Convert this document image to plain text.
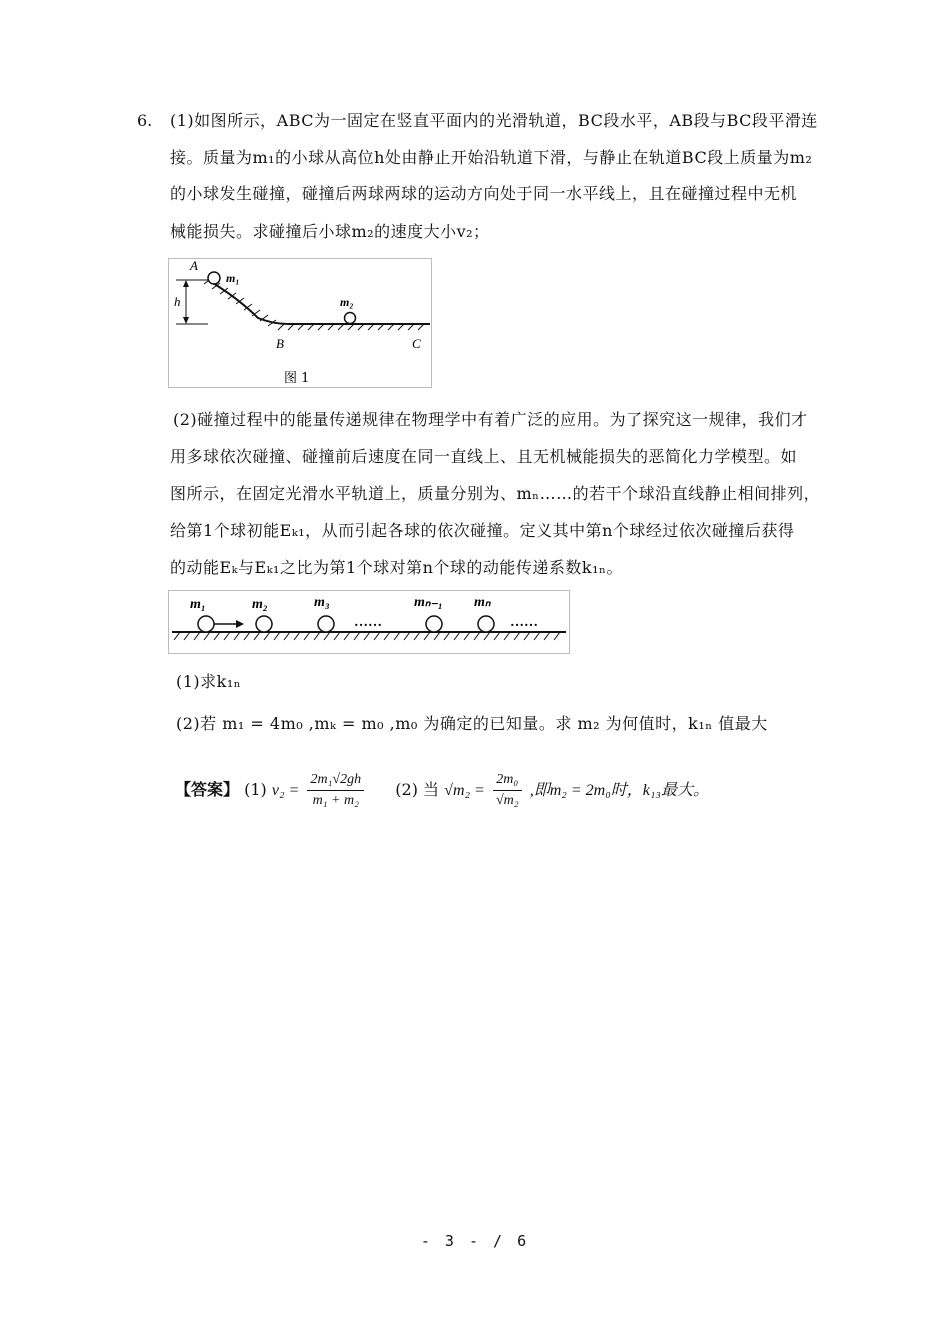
6. (1)如图所示，ABC为一固定在竖直平面内的光滑轨道，BC段水平，AB段与BC段平滑连
接。质量为m₁的小球从高位h处由静止开始沿轨道下滑，与静止在轨道BC段上质量为m₂
的小球发生碰撞，碰撞后两球两球的运动方向处于同一水平线上，且在碰撞过程中无机
械能损失。求碰撞后小球m₂的速度大小v₂；
h
A
m₁
m₂
B	C
图 1
(2)碰撞过程中的能量传递规律在物理学中有着广泛的应用。为了探究这一规律，我们才
用多球依次碰撞、碰撞前后速度在同一直线上、且无机械能损失的恶简化力学模型。如
图所示，在固定光滑水平轨道上，质量分别为、mₙ……的若干个球沿直线静止相间排列，
给第1个球初能Eₖ₁，从而引起各球的依次碰撞。定义其中第n个球经过依次碰撞后获得
的动能Eₖ与Eₖ₁之比为第1个球对第n个球的动能传递系数k₁ₙ。
m₁	m₂	m₃
……
mₙ₋₁ mₙ
……
(1)求k₁ₙ
(2)若 m₁ = 4m₀ ,mₖ = m₀ ,m₀ 为确定的已知量。求 m₂ 为何值时，k₁ₙ 值最大
【答案】 (1) $v_2 = \frac{\text{2m₁√2gh}}{\text{m₁ + m₂}} (2)$ 当 $√m_2 = \frac{\text{2m₀}}{\text{√m₂}}$ ,即m₂ = 2m₀时，k₁₃最大。
- 3 - / 6
